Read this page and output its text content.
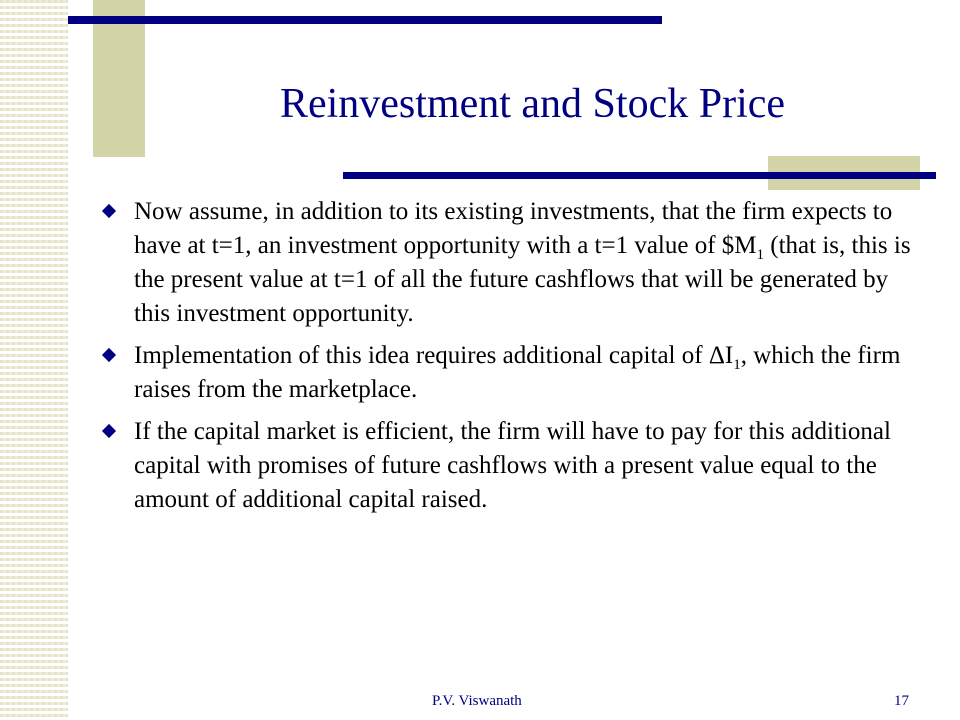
Reinvestment and Stock Price
Now assume, in addition to its existing investments, that the firm expects to have at t=1, an investment opportunity with a t=1 value of $\$M_1$ (that is, this is the present value at t=1 of all the future cashflows that will be generated by this investment opportunity.
Implementation of this idea requires additional capital of $\Delta I_1$, which the firm raises from the marketplace.
If the capital market is efficient, the firm will have to pay for this additional capital with promises of future cashflows with a present value equal to the amount of additional capital raised.
P.V. Viswanath	17
